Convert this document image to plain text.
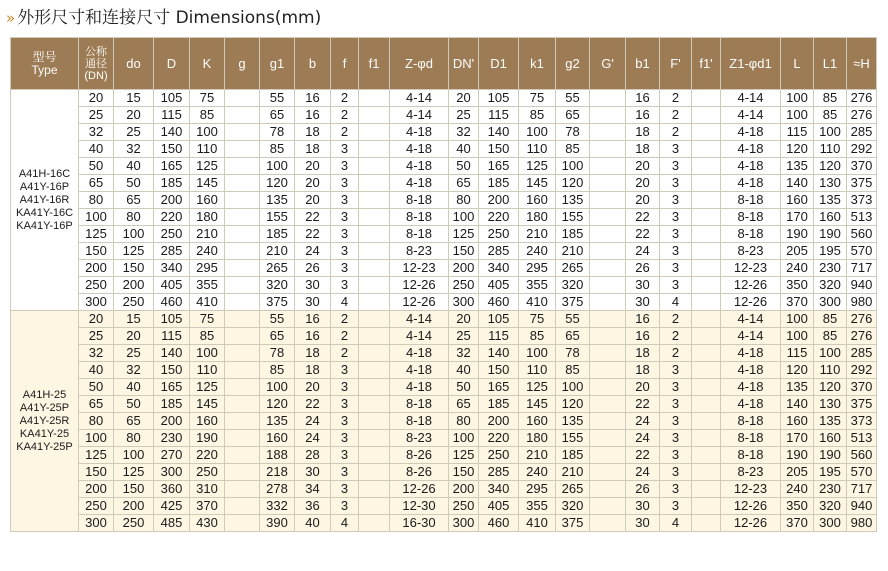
» 外形尺寸和连接尺寸 Dimensions(mm)
型号
Type	公称
通径
(DN)	do	D	K	g	g1	b	f	f1	Z-φd	DN'	D1	k1	g2	G'	b1	F'	f1'	Z1-φd1	L	L1	≈H

A41H-16C
A41Y-16P
A41Y-16R
KA41Y-16C
KA41Y-16P	20	15	105	75		55	16	2		4-14	20	105	75	55		16	2		4-14	100	85	276
	25	20	115	85		65	16	2		4-14	25	115	85	65		16	2		4-14	100	85	276
	32	25	140	100		78	18	2		4-18	32	140	100	78		18	2		4-18	115	100	285
	40	32	150	110		85	18	3		4-18	40	150	110	85		18	3		4-18	120	110	292
	50	40	165	125		100	20	3		4-18	50	165	125	100		20	3		4-18	135	120	370
	65	50	185	145		120	20	3		4-18	65	185	145	120		20	3		4-18	140	130	375
	80	65	200	160		135	20	3		8-18	80	200	160	135		20	3		8-18	160	135	373
	100	80	220	180		155	22	3		8-18	100	220	180	155		22	3		8-18	170	160	513
	125	100	250	210		185	22	3		8-18	125	250	210	185		22	3		8-18	190	190	560
	150	125	285	240		210	24	3		8-23	150	285	240	210		24	3		8-23	205	195	570
	200	150	340	295		265	26	3		12-23	200	340	295	265		26	3		12-23	240	230	717
	250	200	405	355		320	30	3		12-26	250	405	355	320		30	3		12-26	350	320	940
	300	250	460	410		375	30	4		12-26	300	460	410	375		30	4		12-26	370	300	980

A41H-25
A41Y-25P
A41Y-25R
KA41Y-25
KA41Y-25P	20	15	105	75		55	16	2		4-14	20	105	75	55		16	2		4-14	100	85	276
	25	20	115	85		65	16	2		4-14	25	115	85	65		16	2		4-14	100	85	276
	32	25	140	100		78	18	2		4-18	32	140	100	78		18	2		4-18	115	100	285
	40	32	150	110		85	18	3		4-18	40	150	110	85		18	3		4-18	120	110	292
	50	40	165	125		100	20	3		4-18	50	165	125	100		20	3		4-18	135	120	370
	65	50	185	145		120	22	3		8-18	65	185	145	120		22	3		4-18	140	130	375
	80	65	200	160		135	24	3		8-18	80	200	160	135		24	3		8-18	160	135	373
	100	80	230	190		160	24	3		8-23	100	220	180	155		24	3		8-18	170	160	513
	125	100	270	220		188	28	3		8-26	125	250	210	185		22	3		8-18	190	190	560
	150	125	300	250		218	30	3		8-26	150	285	240	210		24	3		8-23	205	195	570
	200	150	360	310		278	34	3		12-26	200	340	295	265		26	3		12-23	240	230	717
	250	200	425	370		332	36	3		12-30	250	405	355	320		30	3		12-26	350	320	940
	300	250	485	430		390	40	4		16-30	300	460	410	375		30	4		12-26	370	300	980
